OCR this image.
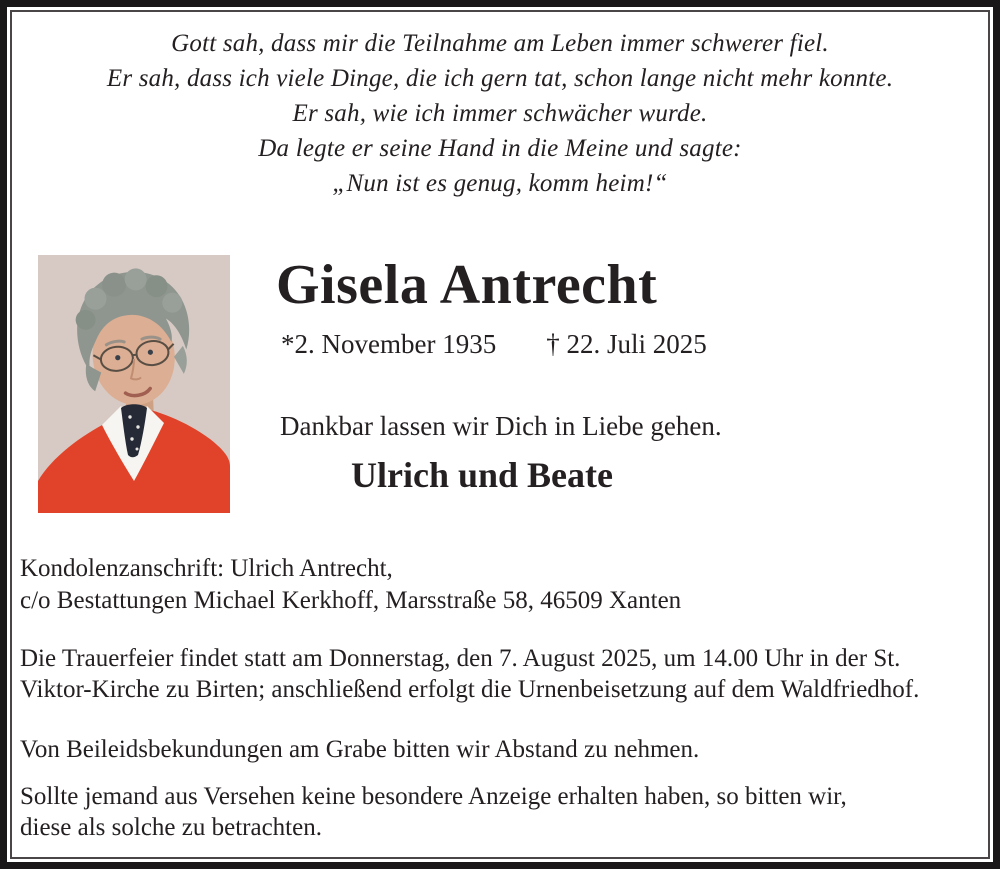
Gott sah, dass mir die Teilnahme am Leben immer schwerer fiel.
Er sah, dass ich viele Dinge, die ich gern tat, schon lange nicht mehr konnte.
Er sah, wie ich immer schwächer wurde.
Da legte er seine Hand in die Meine und sagte:
„Nun ist es genug, komm heim!“
Gisela Antrecht
*2. November 1935 † 22. Juli 2025
Dankbar lassen wir Dich in Liebe gehen.
Ulrich und Beate
Kondolenzanschrift: Ulrich Antrecht,
c/o Bestattungen Michael Kerkhoff, Marsstraße 58, 46509 Xanten
Die Trauerfeier findet statt am Donnerstag, den 7. August 2025, um 14.00 Uhr in der St.
Viktor-Kirche zu Birten; anschließend erfolgt die Urnenbeisetzung auf dem Waldfriedhof.
Von Beileidsbekundungen am Grabe bitten wir Abstand zu nehmen.
Sollte jemand aus Versehen keine besondere Anzeige erhalten haben, so bitten wir,
diese als solche zu betrachten.
